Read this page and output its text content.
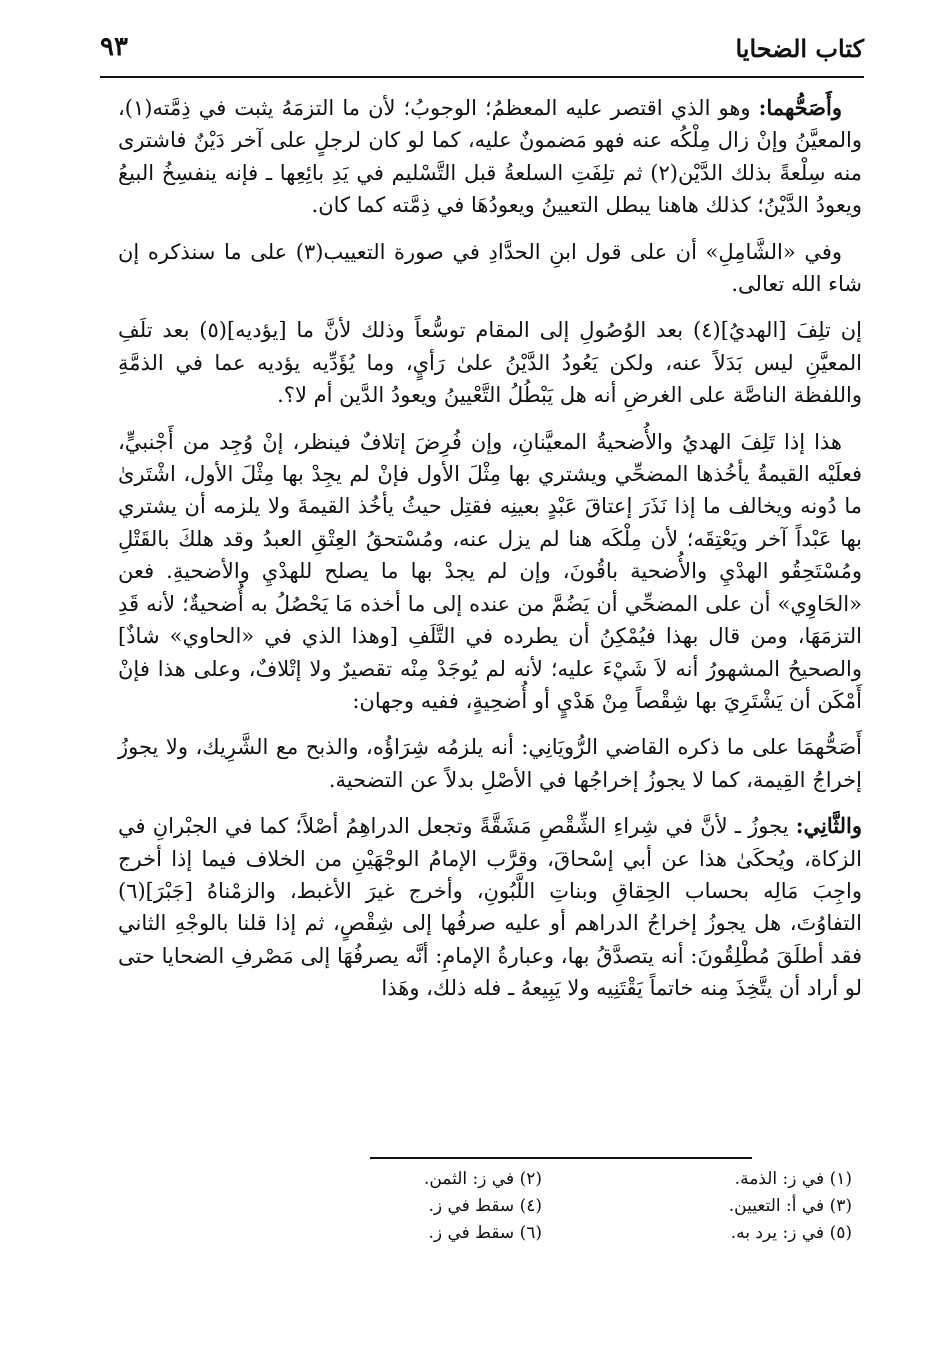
كتاب الضحايا
٩٣

وأَصَحُّهما: وهو الذي اقتصر عليه المعظمُ؛ الوجوبُ؛ لأن ما التزمَهُ يثبت في ذِمَّته(١)، والمعيَّنُ وإنْ زال مِلْكُه عنه فهو مَضمونٌ عليه، كما لو كان لرجلٍ على آخر دَيْنٌ فاشترى منه سِلْعةً بذلك الدَّيْن(٢) ثم تلِفَتِ السلعةُ قبل التَّسْليم في يَدِ بائِعِها ـ فإنه ينفسِخُ البيعُ ويعودُ الدَّيْنُ؛ كذلك هاهنا يبطل التعيينُ ويعودُهَا في ذِمَّته كما كان.

وفي «الشَّامِلِ» أن على قول ابنِ الحدَّادِ في صورة التعييب(٣) على ما سنذكره إن شاء الله تعالى.

إن تلِفَ [الهديُ](٤) بعد الوُصُولِ إلى المقام توسُّعاً وذلك لأنَّ ما [يؤديه](٥) بعد تلَفِ المعيَّنِ ليس بَدَلاً عنه، ولكن يَعُودُ الدَّيْنُ علىٰ رَأيٍ، وما يُؤَدِّيه يؤديه عما في الذمَّةِ واللفظة الناصَّة على الغرضِ أنه هل يَبْطُلُ التَّعْيينُ ويعودُ الدَّين أم لا؟.

هذا إذا تَلِفَ الهديُ والأُضحيةُ المعيَّنانِ، وإن فُرِضَ إتلافٌ فينظر، إنْ وُجِد من أَجْنبيٍّ، فعلَيْه القيمةُ يأخُذها المضحِّي ويشتري بها مِثْلَ الأول فإنْ لم يجِدْ بها مِثْلَ الأول، اشْتَرىٰ ما دُونه ويخالف ما إذا نَذَرَ إعتاقَ عَبْدٍ بعينِه فقتِل حيثُ يأخُذ القيمةَ ولا يلزمه أن يشتري بها عَبْداً آخر ويَعْتِقَه؛ لأن مِلْكَه هنا لم يزل عنه، ومُسْتحقُ العِتْقِ العبدُ وقد هلكَ بالقَتْلِ ومُسْتَحِقُو الهدْيِ والأُضحية باقُونَ، وإن لم يجدْ بها ما يصلح للهدْيِ والأضحيةِ. فعن «الحَاوِي» أن على المضحِّي أن يَضُمَّ من عنده إلى ما أخذه مَا يَحْصُلُ به أُضحيةٌ؛ لأنه قَدِ التزمَهَا، ومن قال بهذا فيُمْكِنُ أن يطرده في التَّلَفِ [وهذا الذي في «الحاوي» شاذٌ] والصحيحُ المشهورُ أنه لاَ شَيْءَ عليه؛ لأنه لم يُوجَدْ مِنْه تقصيرٌ ولا إتْلافٌ، وعلى هذا فإنْ أَمْكَن أن يَشْتَرِيَ بها شِقْصاً مِنْ هَدْيٍ أو أُضحِيةٍ، ففيه وجهان:

أَصَحُّهمَا على ما ذكره القاضي الرُّويَانِي: أنه يلزمُه شِرَاؤُه، والذبح مع الشَّرِيك، ولا يجوزُ إخراجُ القِيمة، كما لا يجوزُ إخراجُها في الأصْلِ بدلاً عن التضحية.

والثَّانِي: يجوزُ ـ لأنَّ في شِراءِ الشِّقْصِ مَشَقَّةً وتجعل الدراهِمُ أصْلاً؛ كما في الجبْرانِ في الزكاة، ويُحكَىٰ هذا عن أبي إسْحاقَ، وقرَّب الإمامُ الوجْهَيْنِ من الخلاف فيما إذا أخرج واجِبَ مَالِه بحساب الحِقاقِ وبناتِ اللَّبُونِ، وأخرج غيرَ الأغبط، والزمْناهُ [جَبْرَ](٦) التفاوُتَ، هل يجوزُ إخراجُ الدراهم أو عليه صرفُها إلى شِقْصٍ، ثم إذا قلنا بالوجْهِ الثاني فقد أطلَقَ مُطْلِقُونَ: أنه يتصدَّقُ بها، وعبارةُ الإمامِ: أنَّه يصرفُهَا إلى مَصْرفِ الضحايا حتى لو أراد أن يتَّخِذَ مِنه خاتماً يَقْتَنِيه ولا يَبِيعهُ ـ فله ذلك، وهَذا

(١) في ز: الذمة.
(٣) في أ: التعيين.
(٥) في ز: يرد به.
(٢) في ز: الثمن.
(٤) سقط في ز.
(٦) سقط في ز.
